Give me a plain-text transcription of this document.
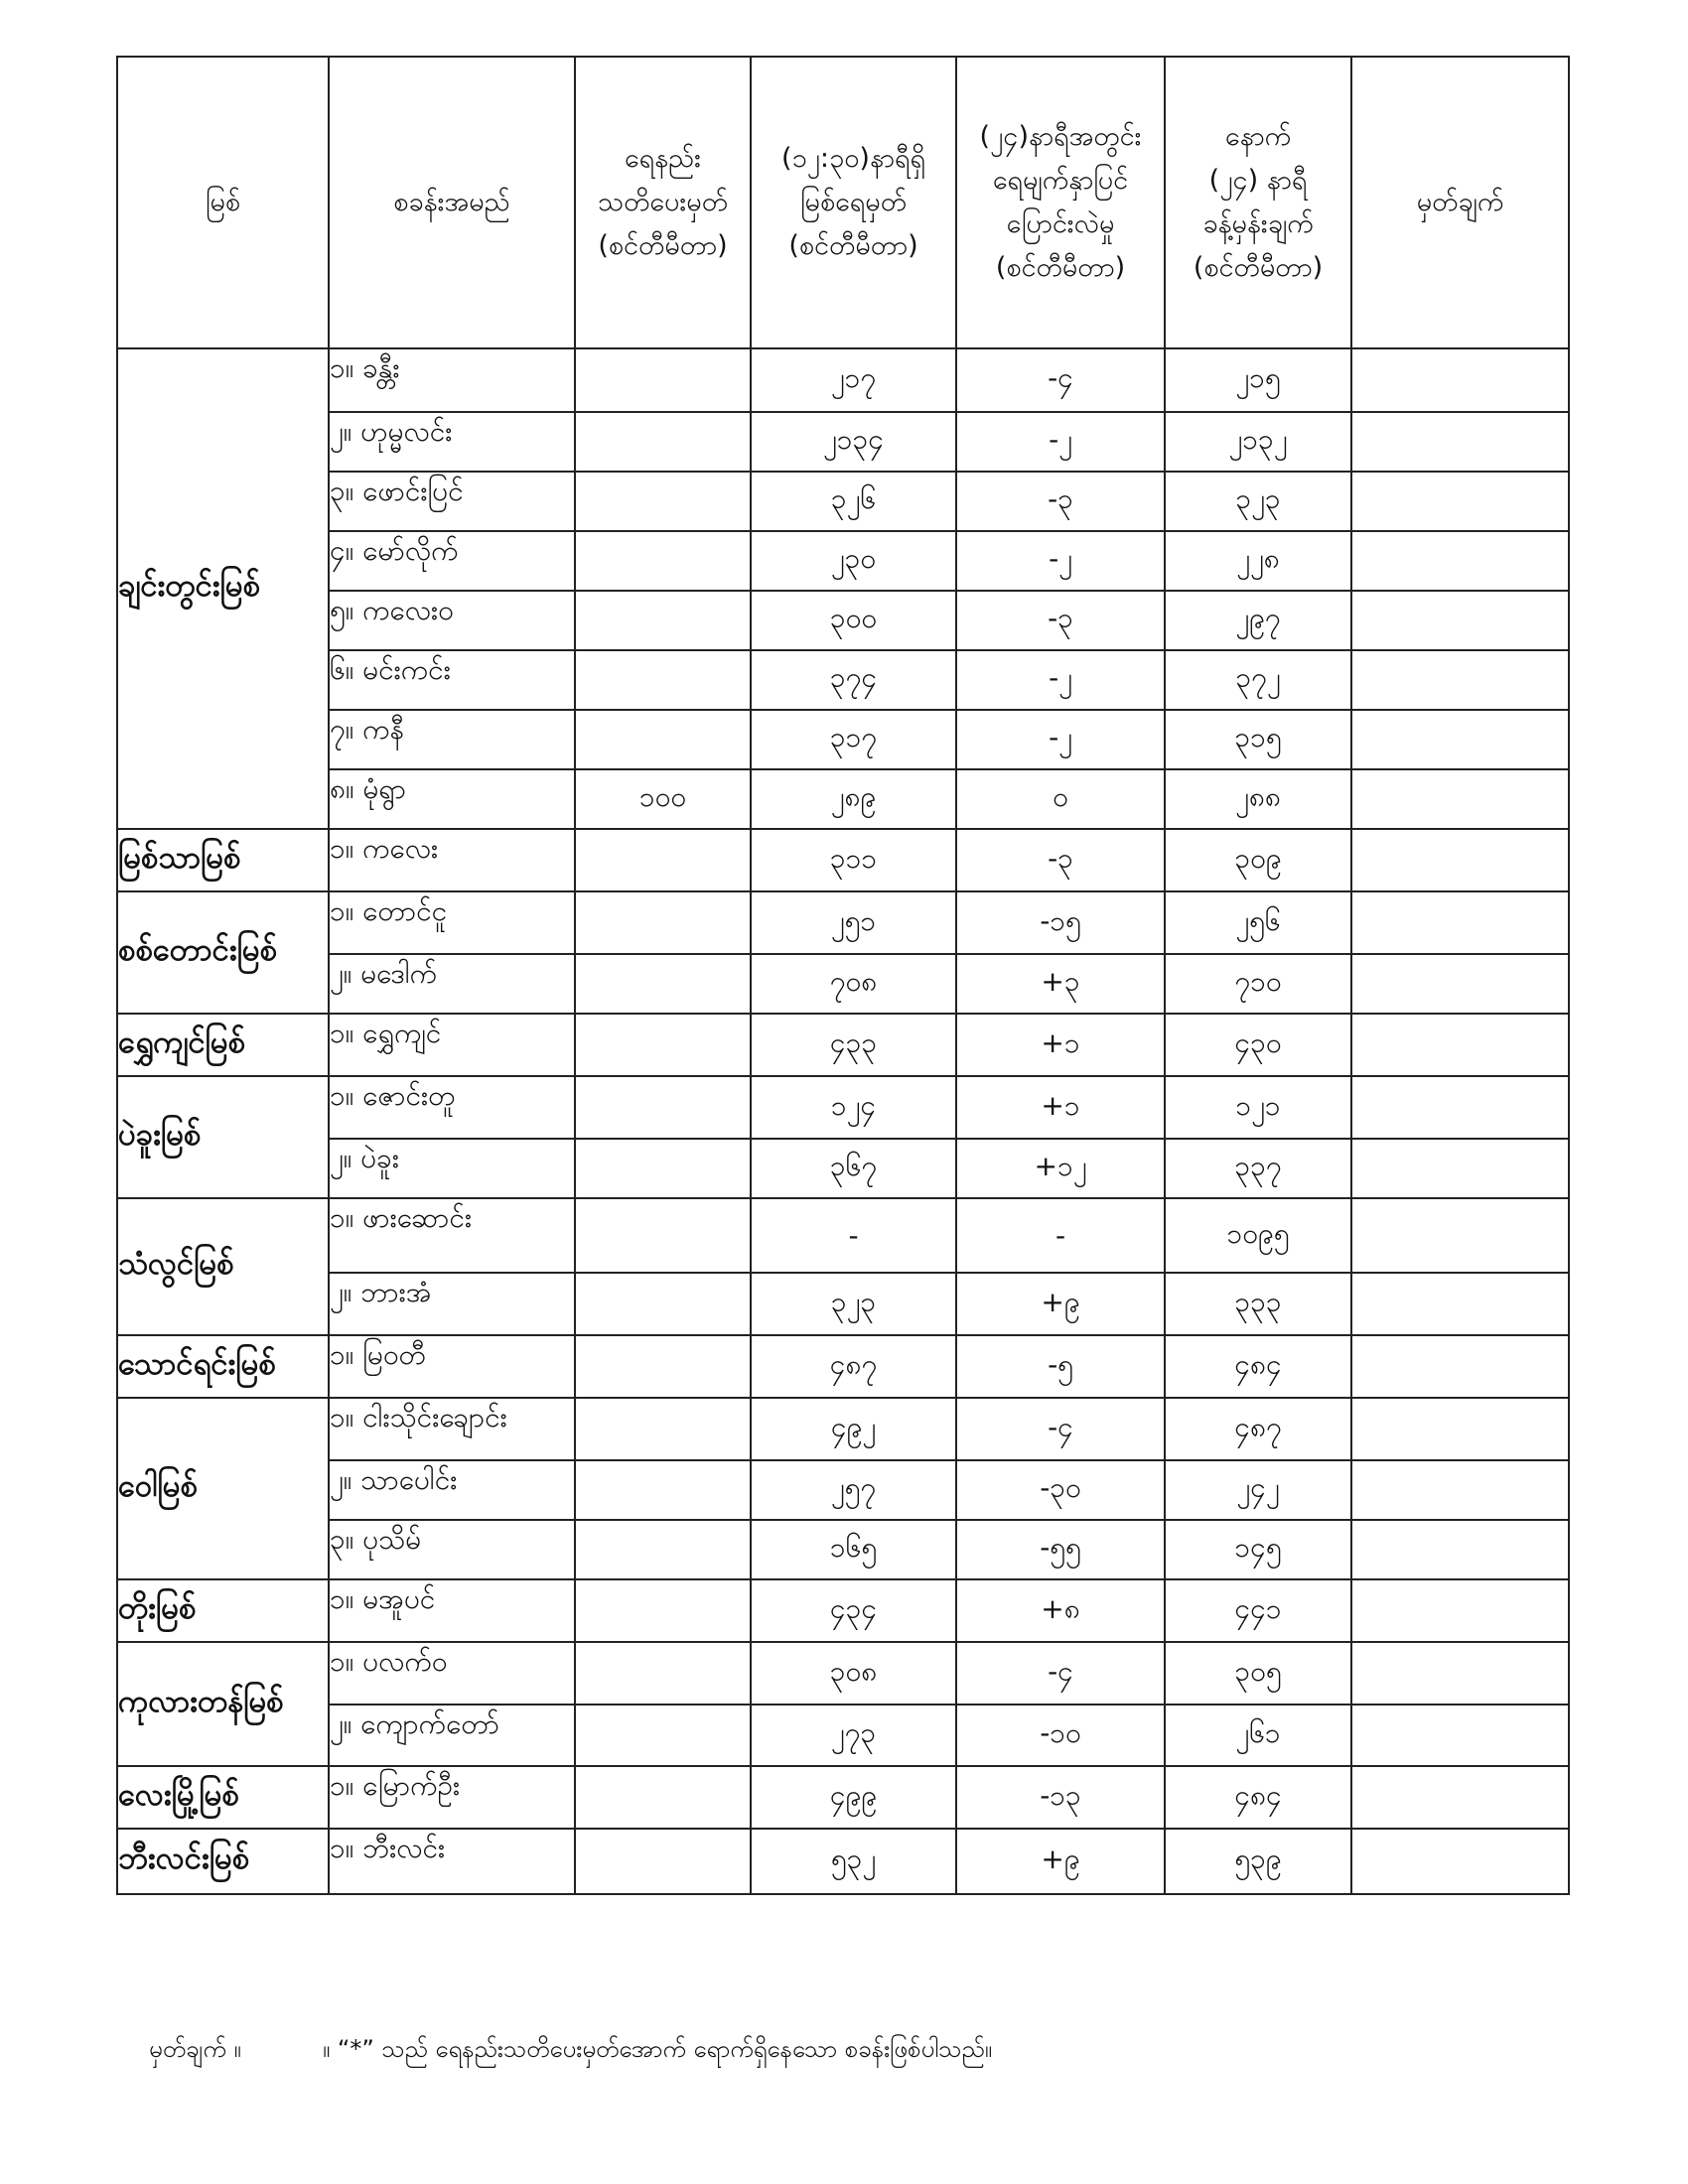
မြစ်	စခန်းအမည်	ရေနည်း
သတိပေးမှတ်
(စင်တီမီတာ)	(၁၂:၃၀)နာရီရှိ
မြစ်ရေမှတ်
(စင်တီမီတာ)	(၂၄)နာရီအတွင်း
ရေမျက်နှာပြင်
ပြောင်းလဲမှု
(စင်တီမီတာ)	နောက်
(၂၄) နာရီ
ခန့်မှန်းချက်
(စင်တီမီတာ)	မှတ်ချက်

ချင်းတွင်းမြစ်	၁။ ခန္တီး		၂၁၇	-၄	၂၁၅	
	၂။ ဟုမ္မလင်း		၂၁၃၄	-၂	၂၁၃၂	
	၃။ ဖောင်းပြင်		၃၂၆	-၃	၃၂၃	
	၄။ မော်လိုက်		၂၃၀	-၂	၂၂၈	
	၅။ ကလေးဝ		၃၀၀	-၃	၂၉၇	
	၆။ မင်းကင်း		၃၇၄	-၂	၃၇၂	
	၇။ ကနီ		၃၁၇	-၂	၃၁၅	
	၈။ မုံရွာ	၁၀၀	၂၈၉	၀	၂၈၈	
မြစ်သာမြစ်	၁။ ကလေး		၃၁၁	-၃	၃၀၉	
စစ်တောင်းမြစ်	၁။ တောင်ငူ		၂၅၁	-၁၅	၂၅၆	
	၂။ မဒေါက်		၇၀၈	+၃	၇၁၀	
ရွှေကျင်မြစ်	၁။ ရွှေကျင်		၄၃၃	+၁	၄၃၀	
ပဲခူးမြစ်	၁။ ဇောင်းတူ		၁၂၄	+၁	၁၂၁	
	၂။ ပဲခူး		၃၆၇	+၁၂	၃၃၇	
သံလွင်မြစ်	၁။ ဖားဆောင်း		-	-	၁၀၉၅	
	၂။ ဘားအံ		၃၂၃	+၉	၃၃၃	
သောင်ရင်းမြစ်	၁။ မြဝတီ		၄၈၇	-၅	၄၈၄	
ဝေါမြစ်	၁။ ငါးသိုင်းချောင်း		၄၉၂	-၄	၄၈၇	
	၂။ သာပေါင်း		၂၅၇	-၃၀	၂၄၂	
	၃။ ပုသိမ်		၁၆၅	-၅၅	၁၄၅	
တိုးမြစ်	၁။ မအူပင်		၄၃၄	+၈	၄၄၁	
ကုလားတန်မြစ်	၁။ ပလက်ဝ		၃၀၈	-၄	၃၀၅	
	၂။ ကျောက်တော်		၂၇၃	-၁၀	၂၆၁	
လေးမြို့မြစ်	၁။ မြောက်ဦး		၄၉၉	-၁၃	၄၈၄	
ဘီးလင်းမြစ်	၁။ ဘီးလင်း		၅၃၂	+၉	၅၃၉	
မှတ်ချက် ။	။ “*” သည် ရေနည်းသတိပေးမှတ်အောက် ရောက်ရှိနေသော စခန်းဖြစ်ပါသည်။
